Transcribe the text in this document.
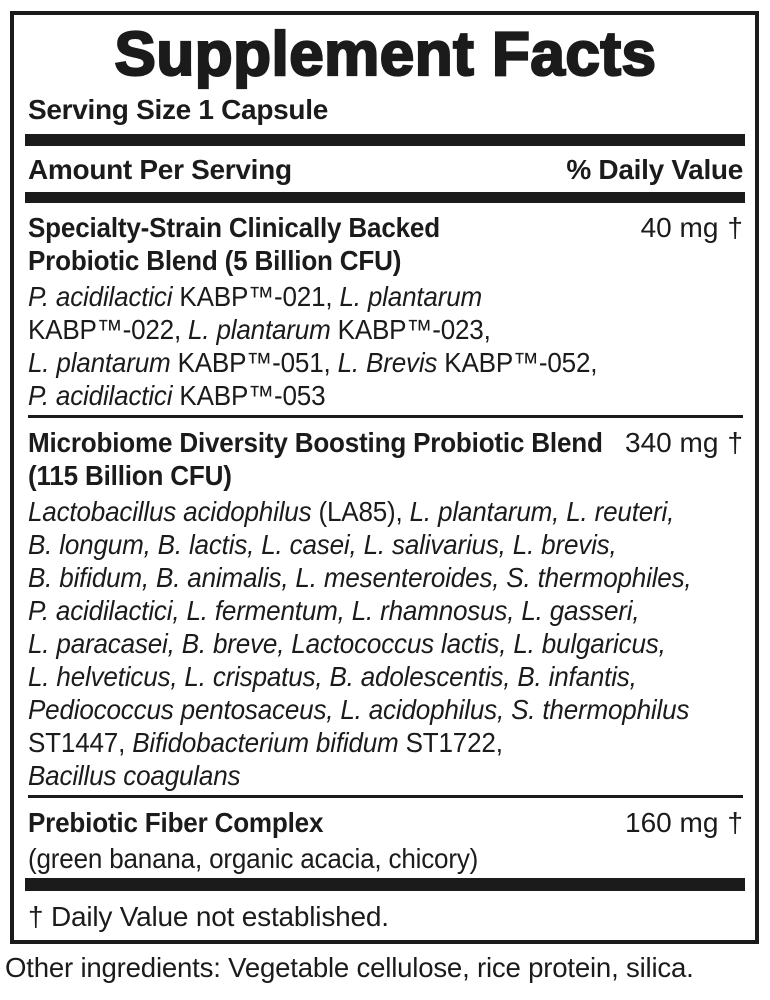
Supplement Facts
Serving Size 1 Capsule
Amount Per Serving	% Daily Value
Specialty-Strain Clinically Backed	40 mg †
Probiotic Blend (5 Billion CFU)
P. acidilactici KABP™-021, L. plantarum
KABP™-022, L. plantarum KABP™-023,
L. plantarum KABP™-051, L. Brevis KABP™-052,
P. acidilactici KABP™-053
Microbiome Diversity Boosting Probiotic Blend 340 mg †
(115 Billion CFU)
Lactobacillus acidophilus (LA85), L. plantarum, L. reuteri,
B. longum, B. lactis, L. casei, L. salivarius, L. brevis,
B. bifidum, B. animalis, L. mesenteroides, S. thermophiles,
P. acidilactici, L. fermentum, L. rhamnosus, L. gasseri,
L. paracasei, B. breve, Lactococcus lactis, L. bulgaricus,
L. helveticus, L. crispatus, B. adolescentis, B. infantis,
Pediococcus pentosaceus, L. acidophilus, S. thermophilus
ST1447, Bifidobacterium bifidum ST1722,
Bacillus coagulans
Prebiotic Fiber Complex	160 mg †
(green banana, organic acacia, chicory)
† Daily Value not established.
Other ingredients: Vegetable cellulose, rice protein, silica.
